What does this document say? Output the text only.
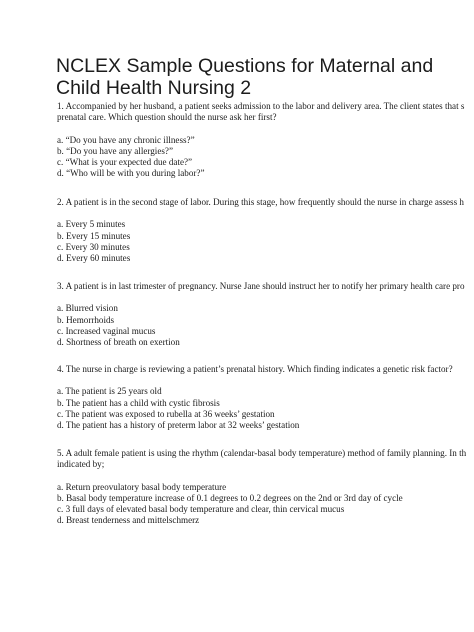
NCLEX Sample Questions for Maternal and
Child Health Nursing 2
1. Accompanied by her husband, a patient seeks admission to the labor and delivery area. The client states that s
prenatal care. Which question should the nurse ask her first?
a. “Do you have any chronic illness?”
b. “Do you have any allergies?”
c. “What is your expected due date?”
d. “Who will be with you during labor?”
2. A patient is in the second stage of labor. During this stage, how frequently should the nurse in charge assess h
a. Every 5 minutes
b. Every 15 minutes
c. Every 30 minutes
d. Every 60 minutes
3. A patient is in last trimester of pregnancy. Nurse Jane should instruct her to notify her primary health care pro
a. Blurred vision
b. Hemorrhoids
c. Increased vaginal mucus
d. Shortness of breath on exertion
4. The nurse in charge is reviewing a patient’s prenatal history. Which finding indicates a genetic risk factor?
a. The patient is 25 years old
b. The patient has a child with cystic fibrosis
c. The patient was exposed to rubella at 36 weeks’ gestation
d. The patient has a history of preterm labor at 32 weeks’ gestation
5. A adult female patient is using the rhythm (calendar-basal body temperature) method of family planning. In th
indicated by;
a. Return preovulatory basal body temperature
b. Basal body temperature increase of 0.1 degrees to 0.2 degrees on the 2nd or 3rd day of cycle
c. 3 full days of elevated basal body temperature and clear, thin cervical mucus
d. Breast tenderness and mittelschmerz
